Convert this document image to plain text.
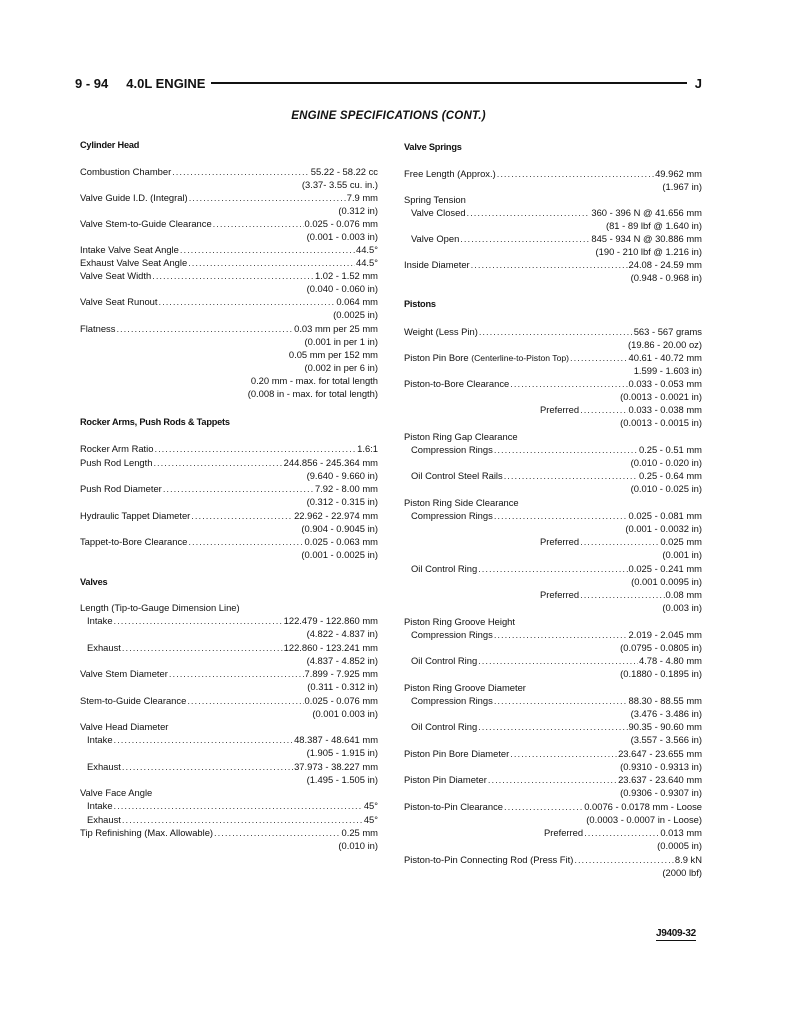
9 - 94 4.0L ENGINE	J
ENGINE SPECIFICATIONS (CONT.)
Cylinder Head
Combustion Chamber .....	55.22 - 58.22 cc
(3.37- 3.55 cu. in.)
Valve Guide I.D. (Integral) .....	7.9 mm
(0.312 in)
Valve Stem-to-Guide Clearance .....	0.025 - 0.076 mm
(0.001 - 0.003 in)
Intake Valve Seat Angle .....	44.5°
Exhaust Valve Seat Angle .....	44.5°
Valve Seat Width .....	1.02 - 1.52 mm
(0.040 - 0.060 in)
Valve Seat Runout .....	0.064 mm
(0.0025 in)
Flatness .....	0.03 mm per 25 mm
(0.001 in per 1 in)
0.05 mm per 152 mm
(0.002 in per 6 in)
0.20 mm - max. for total length
(0.008 in - max. for total length)
Rocker Arms, Push Rods & Tappets
Rocker Arm Ratio .....	1.6:1
Push Rod Length .....	244.856 - 245.364 mm
(9.640 - 9.660 in)
Push Rod Diameter .....	7.92 - 8.00 mm
(0.312 - 0.315 in)
Hydraulic Tappet Diameter .....	22.962 - 22.974 mm
(0.904 - 0.9045 in)
Tappet-to-Bore Clearance .....	0.025 - 0.063 mm
(0.001 - 0.0025 in)
Valves
Length (Tip-to-Gauge Dimension Line)
Intake .....	122.479 - 122.860 mm
(4.822 - 4.837 in)
Exhaust .....	122.860 - 123.241 mm
(4.837 - 4.852 in)
Valve Stem Diameter .....	7.899 - 7.925 mm
(0.311 - 0.312 in)
Stem-to-Guide Clearance .....	0.025 - 0.076 mm
(0.001 0.003 in)
Valve Head Diameter
Intake .....	48.387 - 48.641 mm
(1.905 - 1.915 in)
Exhaust .....	37.973 - 38.227 mm
(1.495 - 1.505 in)
Valve Face Angle
Intake .....	45°
Exhaust .....	45°
Tip Refinishing (Max. Allowable) .....	0.25 mm
(0.010 in)
Valve Springs
Free Length (Approx.) .....	49.962 mm
(1.967 in)
Spring Tension
Valve Closed .....	360 - 396 N @ 41.656 mm
(81 - 89 lbf @ 1.640 in)
Valve Open .....	845 - 934 N @ 30.886 mm
(190 - 210 lbf @ 1.216 in)
Inside Diameter .....	24.08 - 24.59 mm
(0.948 - 0.968 in)
Pistons
Weight (Less Pin) .....	563 - 567 grams
(19.86 - 20.00 oz)
Piston Pin Bore (Centerline-to-Piston Top) .....	40.61 - 40.72 mm
1.599 - 1.603 in)
Piston-to-Bore Clearance .....	0.033 - 0.053 mm
(0.0013 - 0.0021 in)
Preferred .....	0.033 - 0.038 mm
(0.0013 - 0.0015 in)
Piston Ring Gap Clearance
Compression Rings .....	0.25 - 0.51 mm
(0.010 - 0.020 in)
Oil Control Steel Rails .....	0.25 - 0.64 mm
(0.010 - 0.025 in)
Piston Ring Side Clearance
Compression Rings .....	0.025 - 0.081 mm
(0.001 - 0.0032 in)
Preferred .....	0.025 mm
(0.001 in)
Oil Control Ring .....	0.025 - 0.241 mm
(0.001 0.0095 in)
Preferred .....	0.08 mm
(0.003 in)
Piston Ring Groove Height
Compression Rings .....	2.019 - 2.045 mm
(0.0795 - 0.0805 in)
Oil Control Ring .....	4.78 - 4.80 mm
(0.1880 - 0.1895 in)
Piston Ring Groove Diameter
Compression Rings .....	88.30 - 88.55 mm
(3.476 - 3.486 in)
Oil Control Ring .....	90.35 - 90.60 mm
(3.557 - 3.566 in)
Piston Pin Bore Diameter .....	23.647 - 23.655 mm
(0.9310 - 0.9313 in)
Piston Pin Diameter .....	23.637 - 23.640 mm
(0.9306 - 0.9307 in)
Piston-to-Pin Clearance .....	0.0076 - 0.0178 mm - Loose
(0.0003 - 0.0007 in - Loose)
Preferred .....	0.013 mm
(0.0005 in)
Piston-to-Pin Connecting Rod (Press Fit) .....	8.9 kN
(2000 lbf)
J9409-32
